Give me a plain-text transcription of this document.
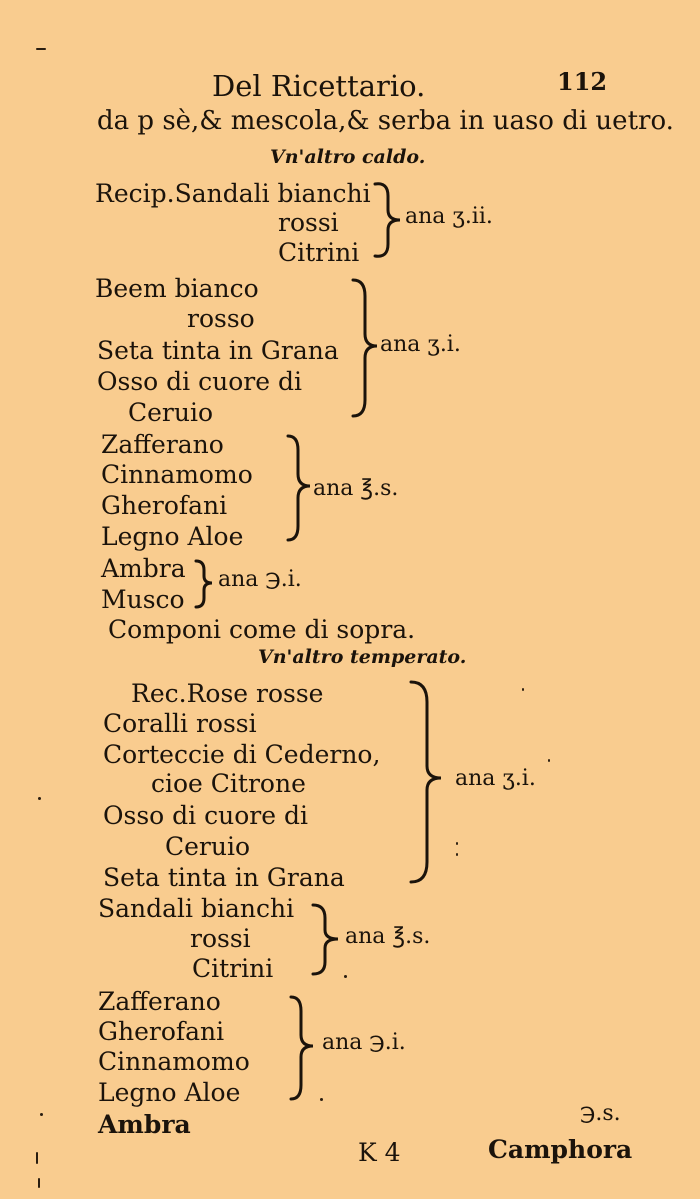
Del Ricettario.	112
da p sè,& mescola,& serba in uaso di uetro.
Vn'altro caldo.
Recip.Sandali bianchi
rossi
Citrini
ana ʒ.ii.
Beem bianco
rosso
Seta tinta in Grana
Osso di cuore di
Ceruio
ana ʒ.i.
Zafferano
Cinnamomo
Gherofani
Legno Aloe
ana ℥.s.
Ambra
Musco
ana ℈.i.
Componi come di sopra.
Vn'altro temperato.
Rec.Rose rosse
Coralli rossi
Corteccie di Cederno,
cioe Citrone
Osso di cuore di
Ceruio
Seta tinta in Grana
ana ʒ.i.
Sandali bianchi
rossi
Citrini
ana ℥.s.
Zafferano
Gherofani
Cinnamomo
Legno Aloe
ana ℈.i.
Ambra	℈.s.
K 4	Camphora
